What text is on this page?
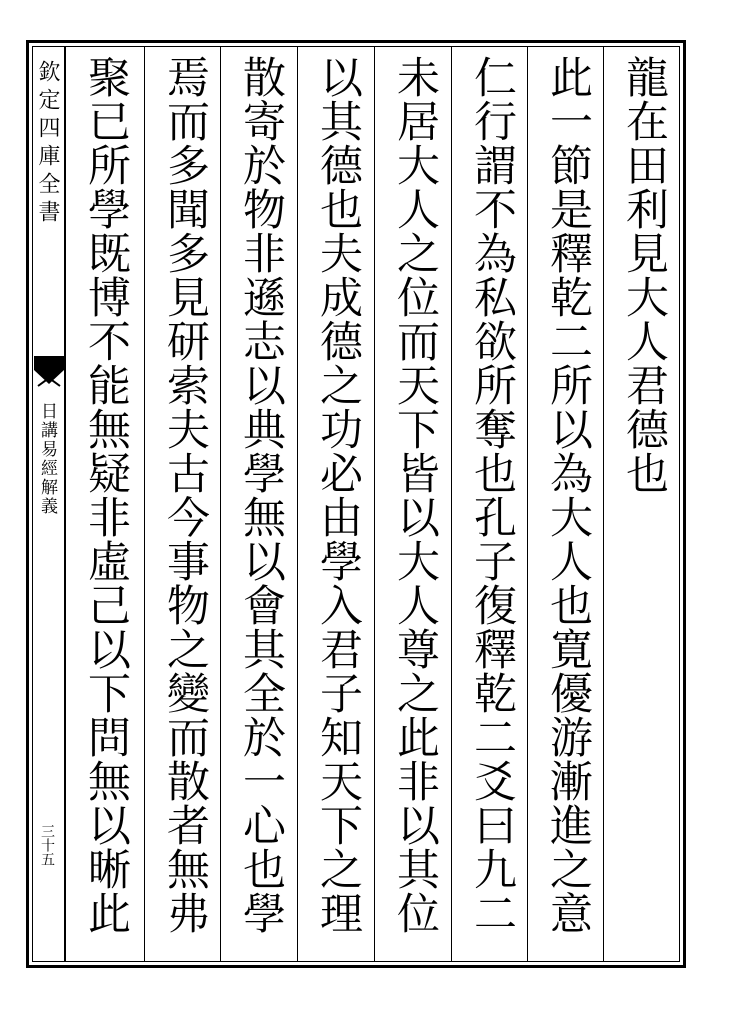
欽定四庫全書
日講易經解義
三十五
龍在田利見大人君德也
此一節是釋乾二所以為大人也寛優游漸進之意
仁行謂不為私欲所奪也孔子復釋乾二爻曰九二
未居大人之位而天下皆以大人尊之此非以其位
以其德也夫成德之功必由學入君子知天下之理
散寄於物非遜志以典學無以會其全於一心也學
焉而多聞多見研索夫古今事物之變而散者無弗
聚已所學既博不能無疑非虛己以下問無以晰此
